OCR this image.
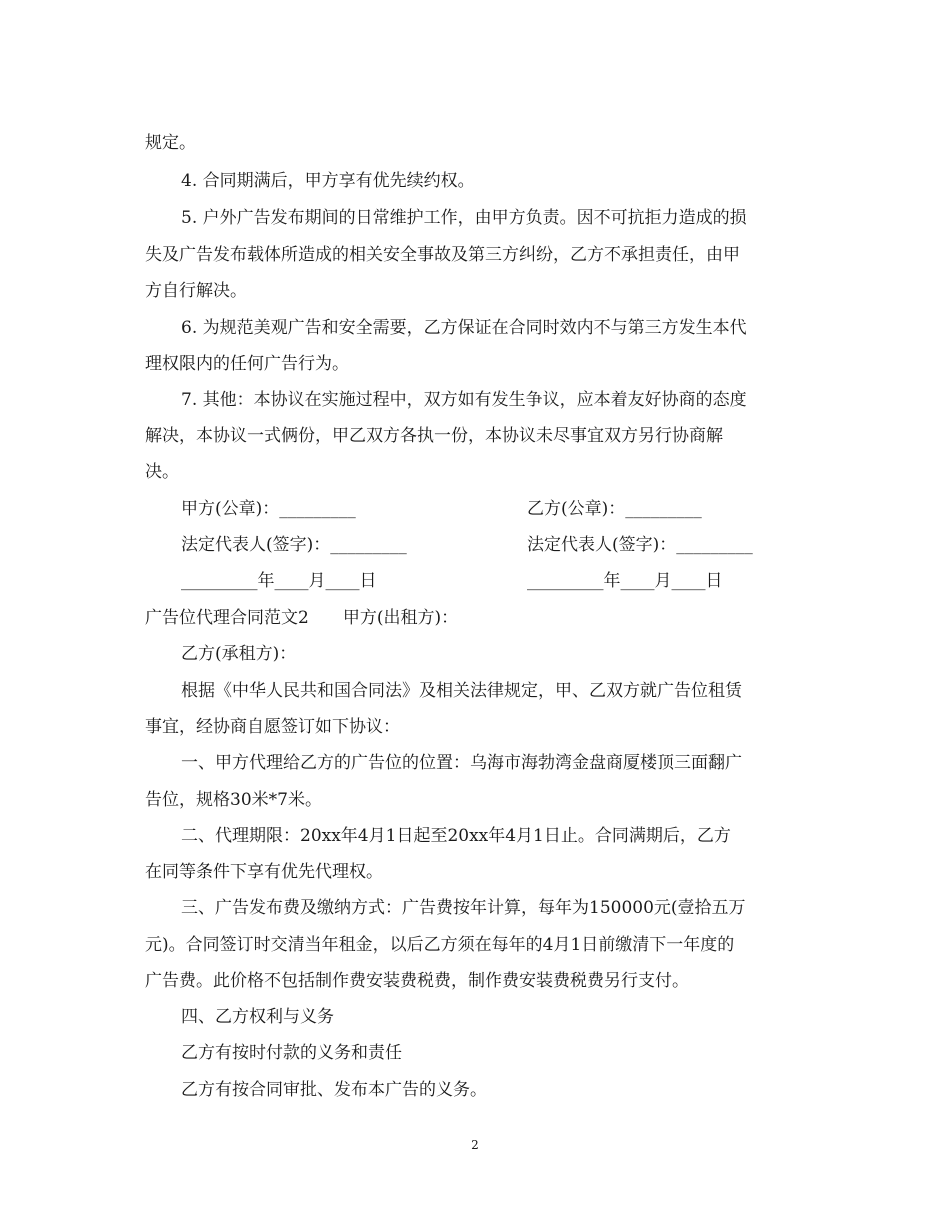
规定。
4. 合同期满后，甲方享有优先续约权。
5. 户外广告发布期间的日常维护工作，由甲方负责。因不可抗拒力造成的损
失及广告发布载体所造成的相关安全事故及第三方纠纷，乙方不承担责任，由甲
方自行解决。
6. 为规范美观广告和安全需要，乙方保证在合同时效内不与第三方发生本代
理权限内的任何广告行为。
7. 其他：本协议在实施过程中，双方如有发生争议，应本着友好协商的态度
解决，本协议一式俩份，甲乙双方各执一份，本协议未尽事宜双方另行协商解
决。
甲方(公章)：_________	乙方(公章)：_________
法定代表人(签字)：_________	法定代表人(签字)：_________
_________年____月____日	_________年____月____日
广告位代理合同范文2　　甲方(出租方)：
乙方(承租方)：
根据《中华人民共和国合同法》及相关法律规定，甲、乙双方就广告位租赁
事宜，经协商自愿签订如下协议：
一、甲方代理给乙方的广告位的位置：乌海市海勃湾金盘商厦楼顶三面翻广
告位，规格30米*7米。
二、代理期限：20xx年4月1日起至20xx年4月1日止。合同满期后，乙方
在同等条件下享有优先代理权。
三、广告发布费及缴纳方式：广告费按年计算，每年为150000元(壹拾五万
元)。合同签订时交清当年租金，以后乙方须在每年的4月1日前缴清下一年度的
广告费。此价格不包括制作费安装费税费，制作费安装费税费另行支付。
四、乙方权利与义务
乙方有按时付款的义务和责任
乙方有按合同审批、发布本广告的义务。
2
